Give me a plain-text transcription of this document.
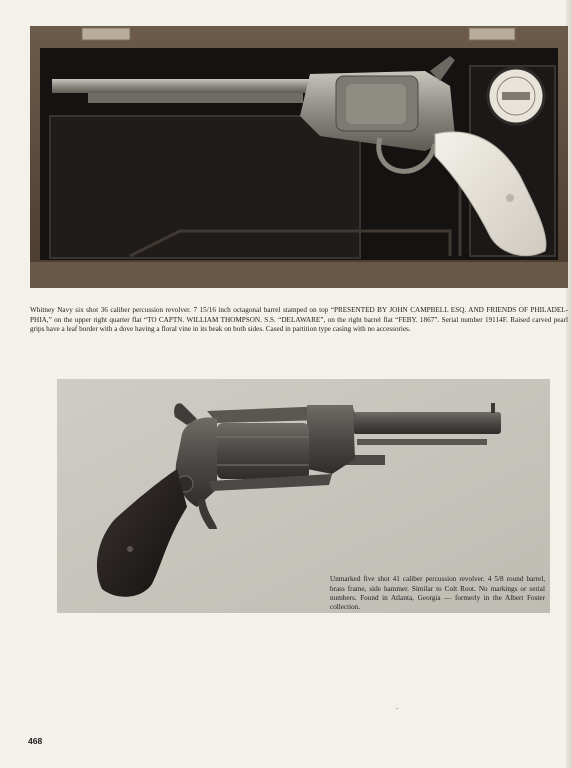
Whitney Navy six shot 36 caliber percussion revolver. 7 15/16 inch octagonal barrel stamped on top “PRESENTED BY JOHN CAMPBELL ESQ. AND FRIENDS OF PHILADEL-PHIA,” on the upper right quarter flat “TO CAPTN. WILLIAM THOMPSON. S.S. “DELAWARE”, on the right barrel flat “FEBY. 1867”. Serial number 19114F. Raised carved pearl grips have a leaf border with a dove having a floral vine in its beak on both sides. Cased in partition type casing with no accessories.

Unmarked five shot 41 caliber percussion revolver. 4 5/8 round barrel, brass frame, side hammer. Similar to Colt Root. No markings or serial numbers. Found in Atlanta, Georgia — formerly in the Albert Foster collection.

ˇ
468
